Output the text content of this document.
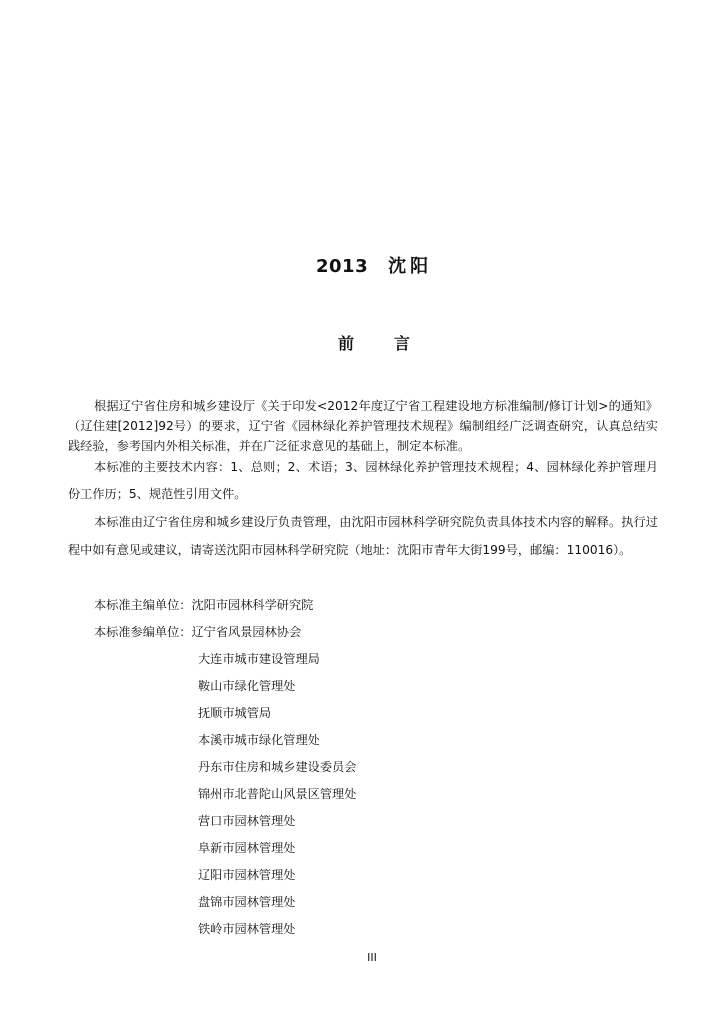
2013 沈阳
前言

根据辽宁省住房和城乡建设厅《关于印发<2012年度辽宁省工程建设地方标准编制/修订计划>的通知》（辽住建[2012]92号）的要求，辽宁省《园林绿化养护管理技术规程》编制组经广泛调查研究，认真总结实践经验，参考国内外相关标准，并在广泛征求意见的基础上，制定本标准。

本标准的主要技术内容：1、总则；2、术语；3、园林绿化养护管理技术规程；4、园林绿化养护管理月份工作历；5、规范性引用文件。

本标准由辽宁省住房和城乡建设厅负责管理，由沈阳市园林科学研究院负责具体技术内容的解释。执行过程中如有意见或建议，请寄送沈阳市园林科学研究院（地址：沈阳市青年大街199号，邮编：110016）。

本标准主编单位：沈阳市园林科学研究院
本标准参编单位：辽宁省风景园林协会
大连市城市建设管理局
鞍山市绿化管理处
抚顺市城管局
本溪市城市绿化管理处
丹东市住房和城乡建设委员会
锦州市北普陀山风景区管理处
营口市园林管理处
阜新市园林管理处
辽阳市园林管理处
盘锦市园林管理处
铁岭市园林管理处
III
